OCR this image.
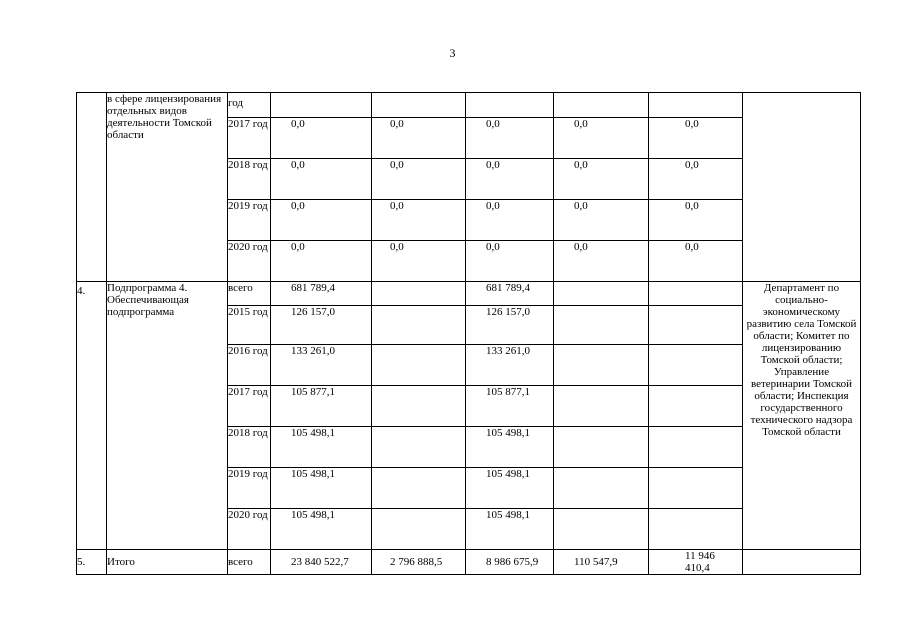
3
	в сфере лицензирования отдельных видов деятельности Томской области	год						
		2017 год	0,0	0,0	0,0	0,0	0,0	
		2018 год	0,0	0,0	0,0	0,0	0,0	
		2019 год	0,0	0,0	0,0	0,0	0,0	
		2020 год	0,0	0,0	0,0	0,0	0,0	
4.	Подпрограмма 4. Обеспечивающая подпрограмма	всего	681 789,4		681 789,4			Департамент по социально-экономическому развитию села Томской области; Комитет по лицензированию Томской области; Управление ветеринарии Томской области; Инспекция государственного технического надзора Томской области
		2015 год	126 157,0		126 157,0			
		2016 год	133 261,0		133 261,0			
		2017 год	105 877,1		105 877,1			
		2018 год	105 498,1		105 498,1			
		2019 год	105 498,1		105 498,1			
		2020 год	105 498,1		105 498,1			
5.	Итого	всего	23 840 522,7	2 796 888,5	8 986 675,9	110 547,9	11 946 410,4	
